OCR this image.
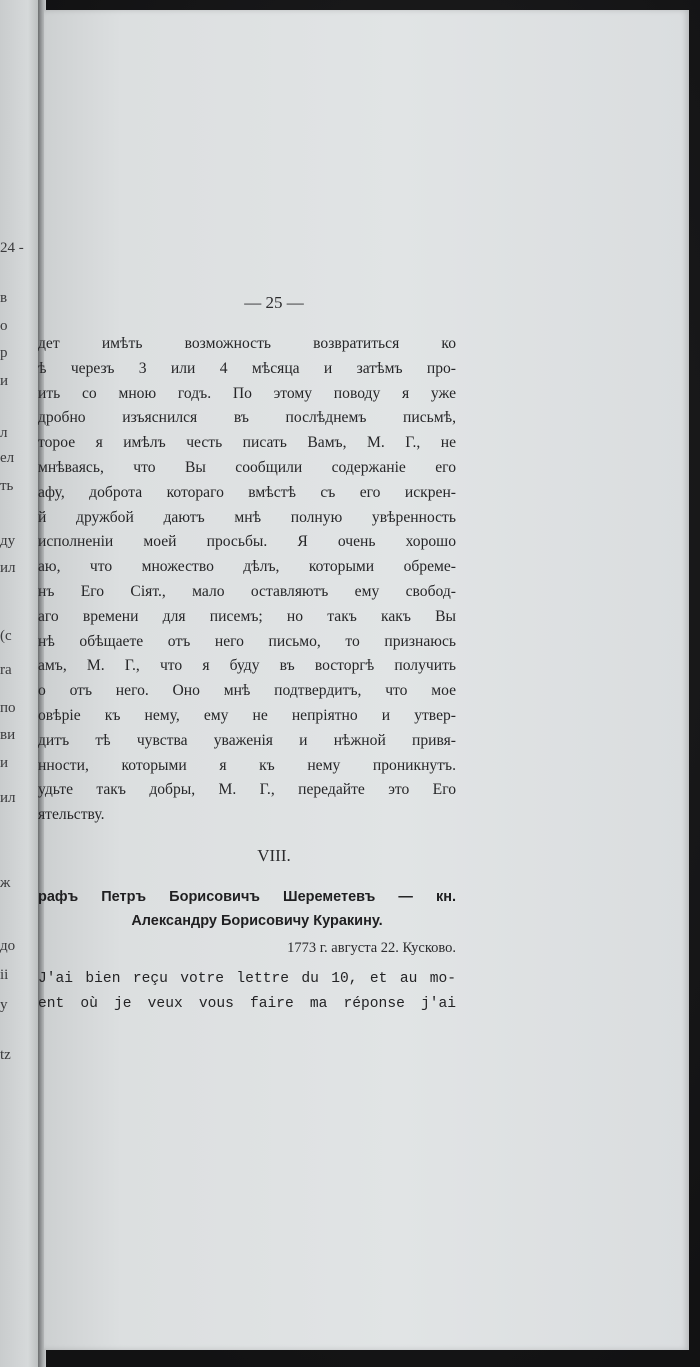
24 -
в
о
р
и
л
ел
ть
ду
ил
(с
ra
по
ви
и
ил
ж
до
ii
у
tz
— 25 —
дет имѣть возможность возвратиться ко
ѣ черезъ 3 или 4 мѣсяца и затѣмъ про-
ить со мною годъ. По этому поводу я уже
дробно изъяснился въ послѣднемъ письмѣ,
торое я имѣлъ честь писать Вамъ, М. Г., не
мнѣваясь, что Вы сообщили содержаніе его
афу, доброта котораго вмѣстѣ съ его искрен-
й дружбой даютъ мнѣ полную увѣренность
исполненіи моей просьбы. Я очень хорошо
аю, что множество дѣлъ, которыми обреме-
нъ Его Сіят., мало оставляютъ ему свобод-
аго времени для писемъ; но такъ какъ Вы
нѣ обѣщаете отъ него письмо, то признаюсь
амъ, М. Г., что я буду въ восторгѣ получить
о отъ него. Оно мнѣ подтвердитъ, что мое
овѣріе къ нему, ему не непріятно и утвер-
дитъ тѣ чувства уваженія и нѣжной привя-
нности, которыми я къ нему проникнутъ.
удьте такъ добры, М. Г., передайте это Его
ятельству.
VIII.
рафъ Петръ Борисовичъ Шереметевъ — кн.
Александру Борисовичу Куракину.
1773 г. августа 22. Кусково.
J'ai bien reçu votre lettre du 10, et au mo-
ent où je veux vous faire ma réponse j'ai
